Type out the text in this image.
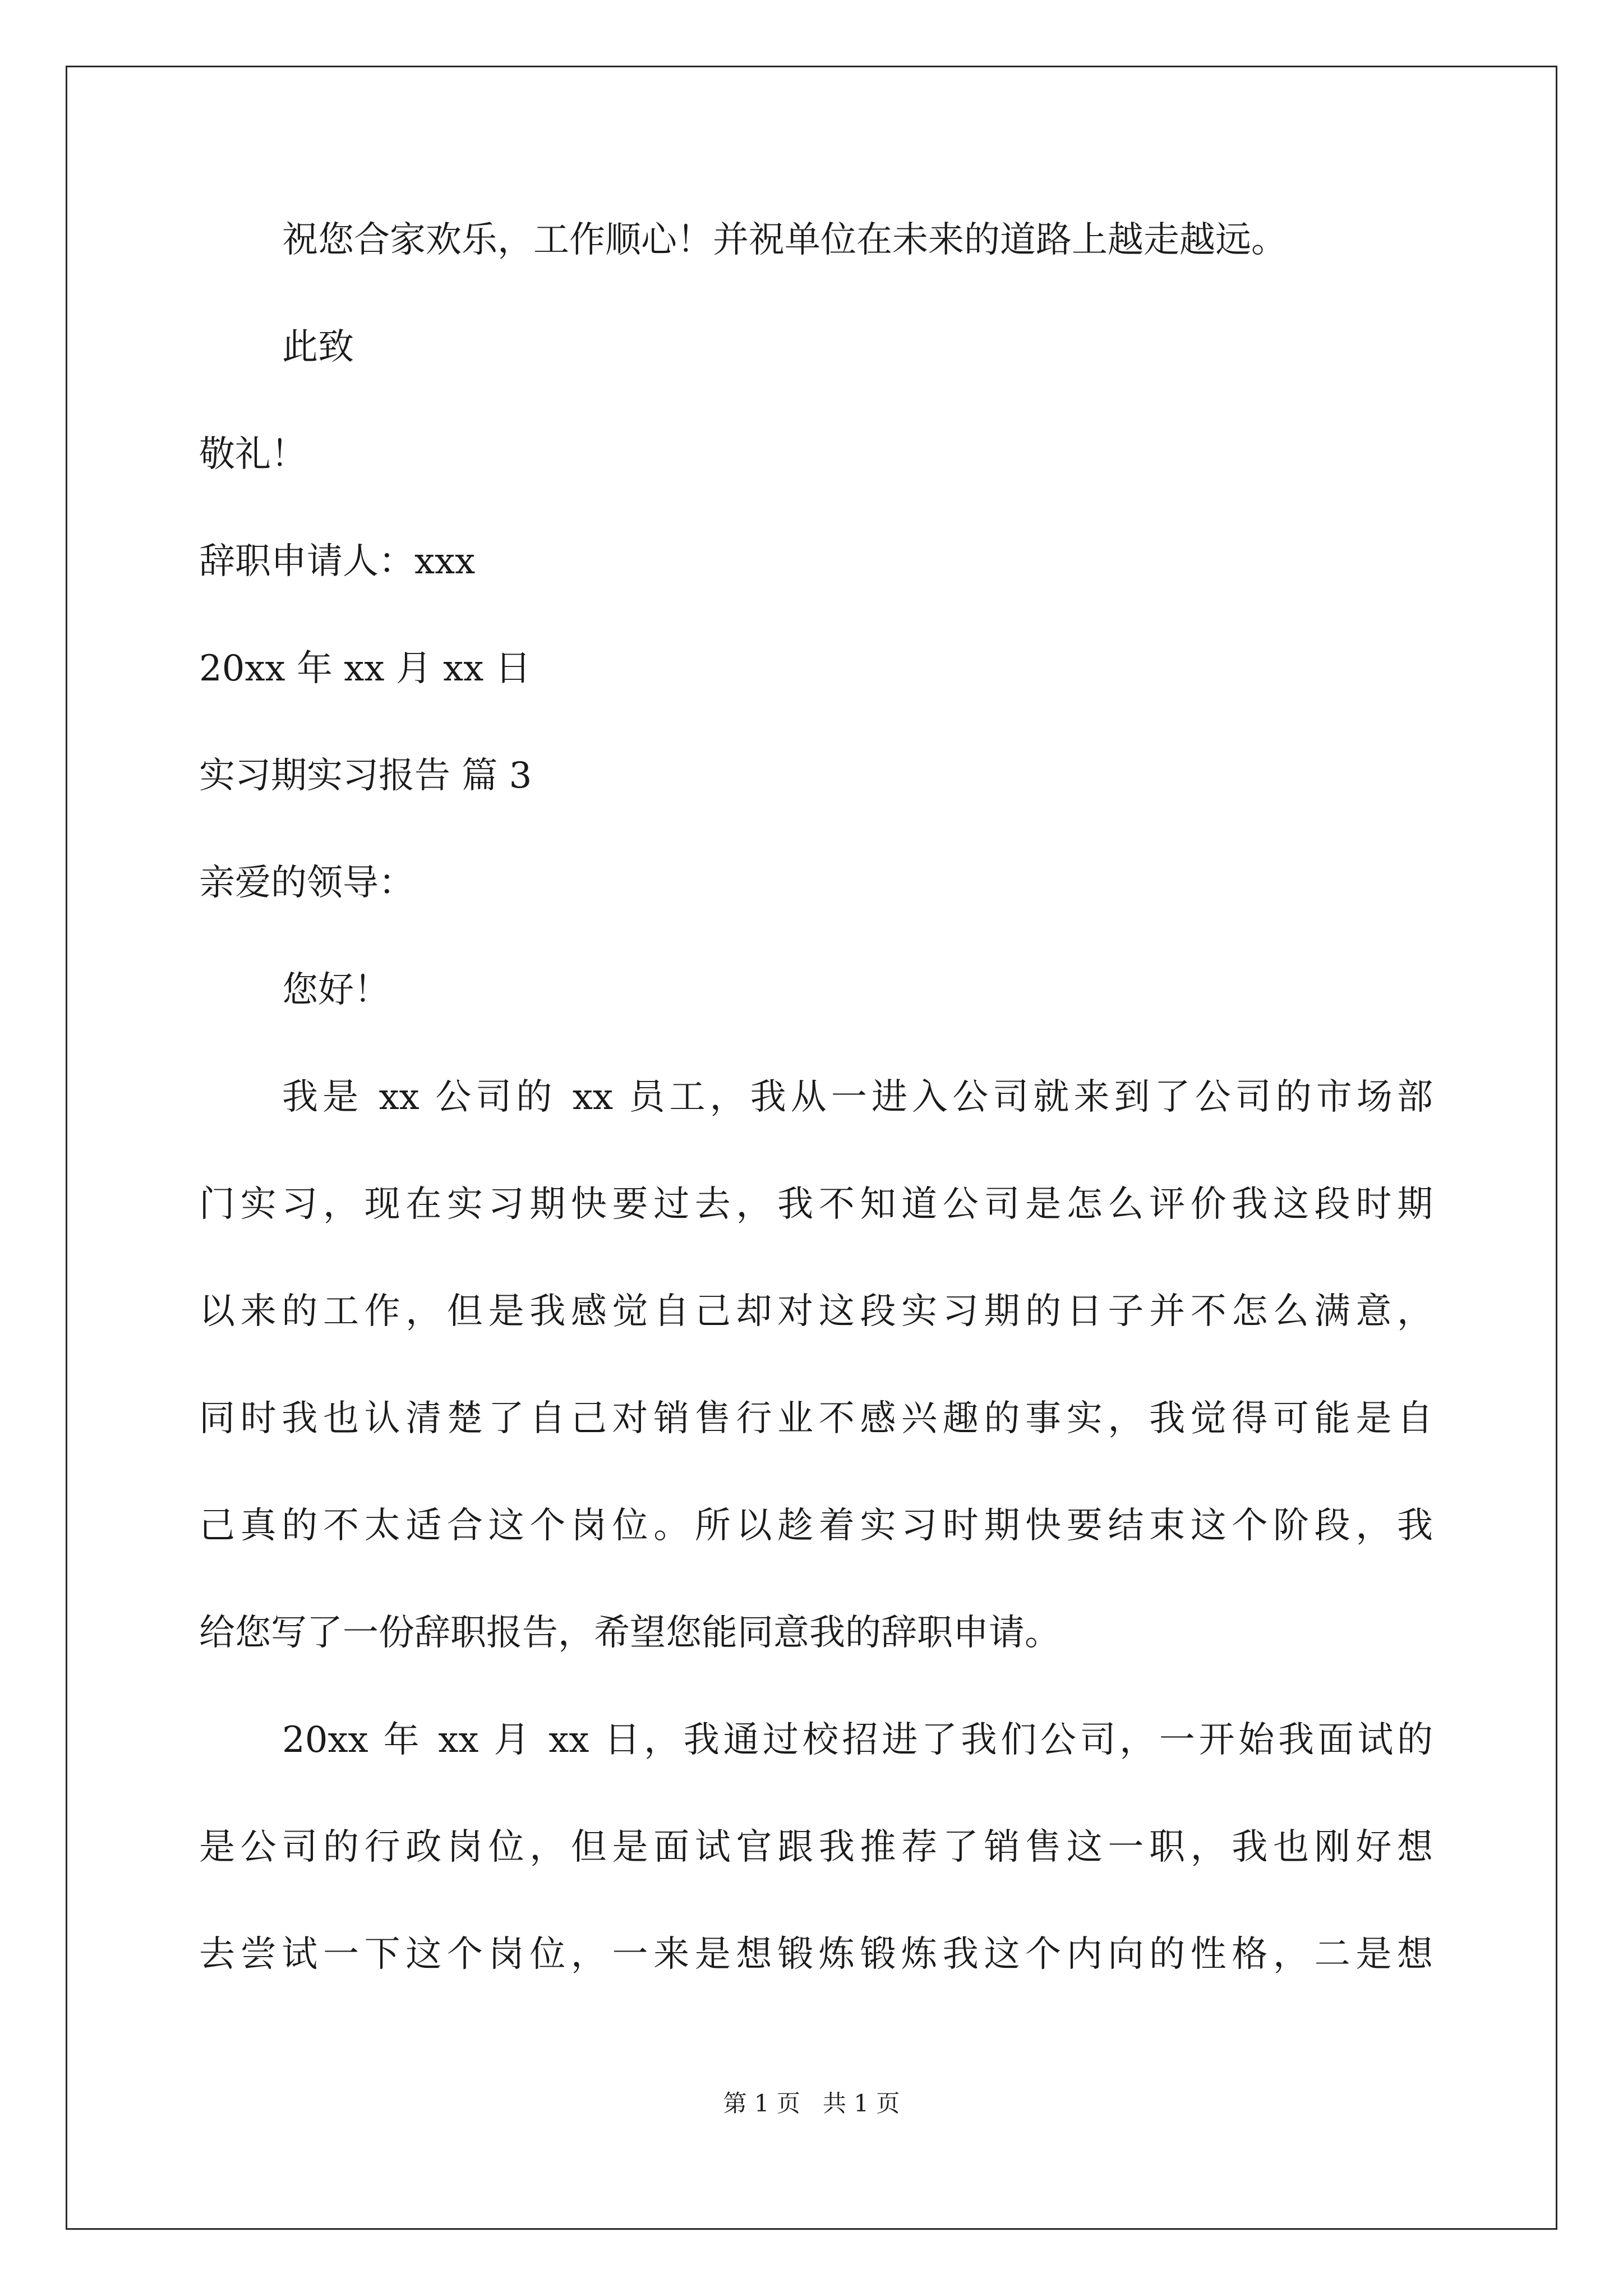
祝您合家欢乐，工作顺心！并祝单位在未来的道路上越走越远。
此致
敬礼！
辞职申请人：xxx
20xx 年 xx 月 xx 日
实习期实习报告 篇 3
亲爱的领导：
您好！
我是 xx 公司的 xx 员工，我从一进入公司就来到了公司的市场部
门实习，现在实习期快要过去，我不知道公司是怎么评价我这段时期
以来的工作，但是我感觉自己却对这段实习期的日子并不怎么满意，
同时我也认清楚了自己对销售行业不感兴趣的事实，我觉得可能是自
己真的不太适合这个岗位。所以趁着实习时期快要结束这个阶段，我
给您写了一份辞职报告，希望您能同意我的辞职申请。
20xx 年 xx 月 xx 日，我通过校招进了我们公司，一开始我面试的
是公司的行政岗位，但是面试官跟我推荐了销售这一职，我也刚好想
去尝试一下这个岗位，一来是想锻炼锻炼我这个内向的性格，二是想
第 1 页 共 1 页
